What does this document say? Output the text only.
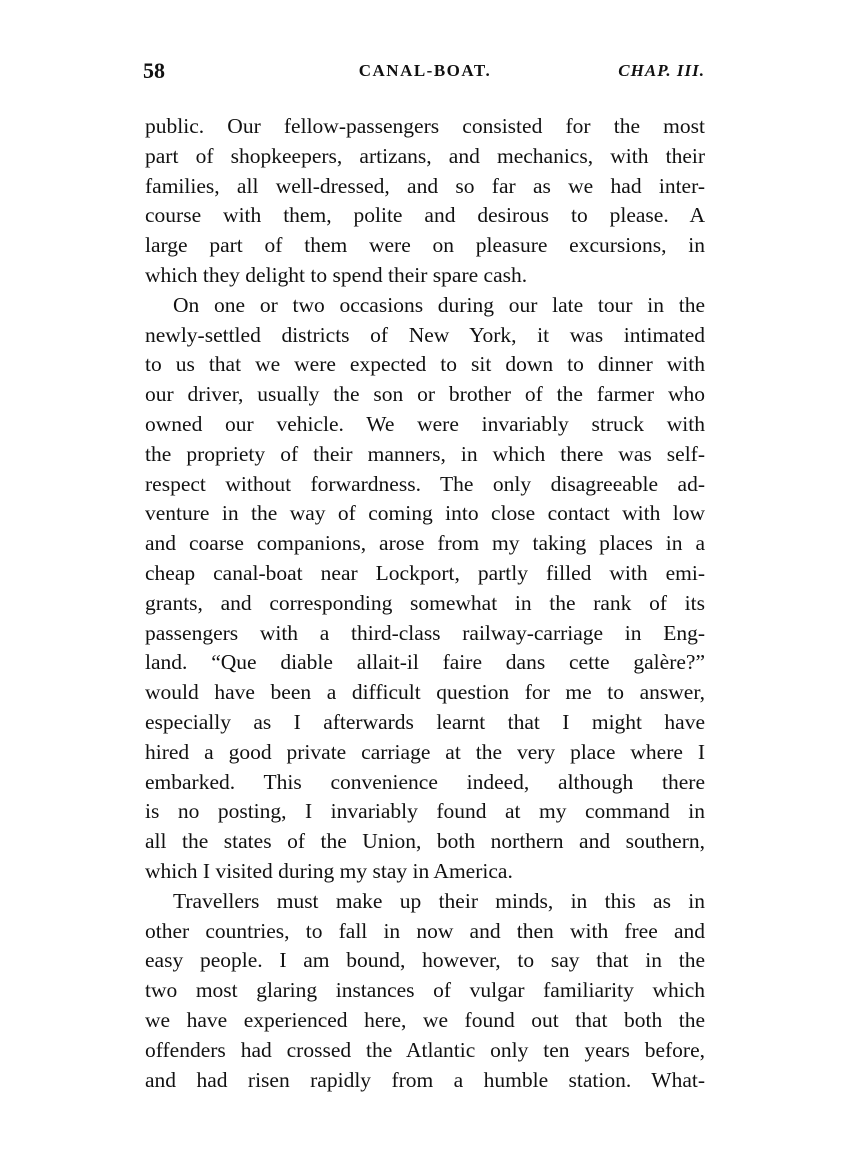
58	CANAL-BOAT.	CHAP. III.
public. Our fellow-passengers consisted for the most
part of shopkeepers, artizans, and mechanics, with their
families, all well-dressed, and so far as we had inter-
course with them, polite and desirous to please. A
large part of them were on pleasure excursions, in
which they delight to spend their spare cash.
On one or two occasions during our late tour in the
newly-settled districts of New York, it was intimated
to us that we were expected to sit down to dinner with
our driver, usually the son or brother of the farmer who
owned our vehicle. We were invariably struck with
the propriety of their manners, in which there was self-
respect without forwardness. The only disagreeable ad-
venture in the way of coming into close contact with low
and coarse companions, arose from my taking places in a
cheap canal-boat near Lockport, partly filled with emi-
grants, and corresponding somewhat in the rank of its
passengers with a third-class railway-carriage in Eng-
land. “Que diable allait-il faire dans cette galère?”
would have been a difficult question for me to answer,
especially as I afterwards learnt that I might have
hired a good private carriage at the very place where I
embarked. This convenience indeed, although there
is no posting, I invariably found at my command in
all the states of the Union, both northern and southern,
which I visited during my stay in America.
Travellers must make up their minds, in this as in
other countries, to fall in now and then with free and
easy people. I am bound, however, to say that in the
two most glaring instances of vulgar familiarity which
we have experienced here, we found out that both the
offenders had crossed the Atlantic only ten years before,
and had risen rapidly from a humble station. What-
